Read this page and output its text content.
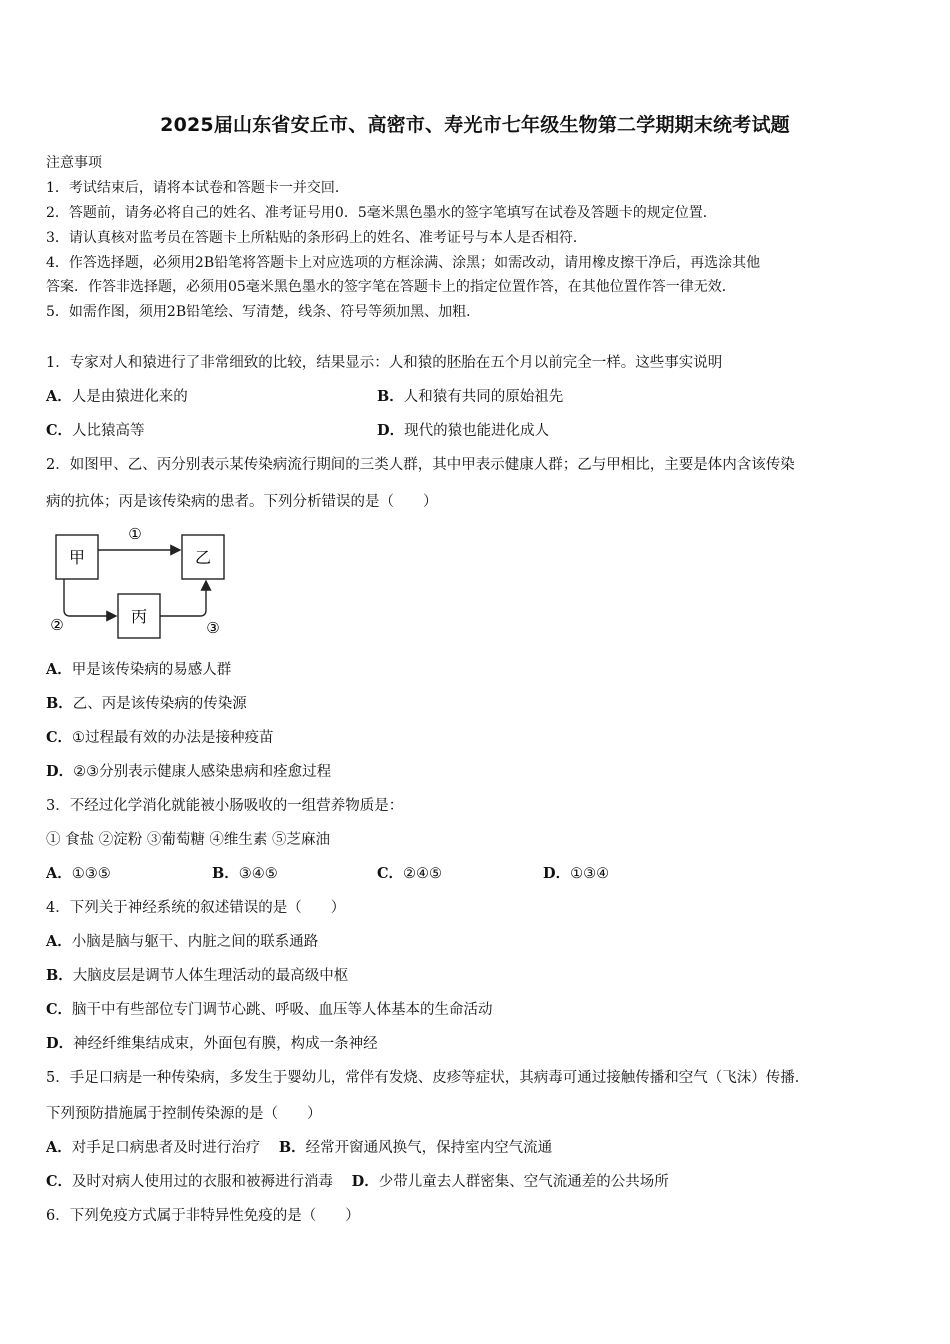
2025届山东省安丘市、高密市、寿光市七年级生物第二学期期末统考试题
注意事项
1．考试结束后，请将本试卷和答题卡一并交回．
2．答题前，请务必将自己的姓名、准考证号用0．5毫米黑色墨水的签字笔填写在试卷及答题卡的规定位置．
3．请认真核对监考员在答题卡上所粘贴的条形码上的姓名、准考证号与本人是否相符．
4．作答选择题，必须用2B铅笔将答题卡上对应选项的方框涂满、涂黑；如需改动，请用橡皮擦干净后，再选涂其他
答案．作答非选择题，必须用05毫米黑色墨水的签字笔在答题卡上的指定位置作答，在其他位置作答一律无效．
5．如需作图，须用2B铅笔绘、写清楚，线条、符号等须加黑、加粗．
1．专家对人和猿进行了非常细致的比较，结果显示：人和猿的胚胎在五个月以前完全一样。这些事实说明
A．人是由猿进化来的	B．人和猿有共同的原始祖先
C．人比猿高等	D．现代的猿也能进化成人
2．如图甲、乙、丙分别表示某传染病流行期间的三类人群，其中甲表示健康人群；乙与甲相比，主要是体内含该传染
病的抗体；丙是该传染病的患者。下列分析错误的是（　　）
甲	乙
丙
①
②	③
A．甲是该传染病的易感人群
B．乙、丙是该传染病的传染源
C．①过程最有效的办法是接种疫苗
D．②③分别表示健康人感染患病和痊愈过程
3．不经过化学消化就能被小肠吸收的一组营养物质是：
① 食盐 ②淀粉 ③葡萄糖 ④维生素 ⑤芝麻油
A．①③⑤	B．③④⑤	C．②④⑤	D．①③④
4．下列关于神经系统的叙述错误的是（　　）
A．小脑是脑与躯干、内脏之间的联系通路
B．大脑皮层是调节人体生理活动的最高级中枢
C．脑干中有些部位专门调节心跳、呼吸、血压等人体基本的生命活动
D．神经纤维集结成束，外面包有膜，构成一条神经
5．手足口病是一种传染病，多发生于婴幼儿，常伴有发烧、皮疹等症状，其病毒可通过接触传播和空气（飞沫）传播．
下列预防措施属于控制传染源的是（　　）
A．对手足口病患者及时进行治疗 B．经常开窗通风换气，保持室内空气流通
C．及时对病人使用过的衣服和被褥进行消毒 D．少带儿童去人群密集、空气流通差的公共场所
6．下列免疫方式属于非特异性免疫的是（　　）
